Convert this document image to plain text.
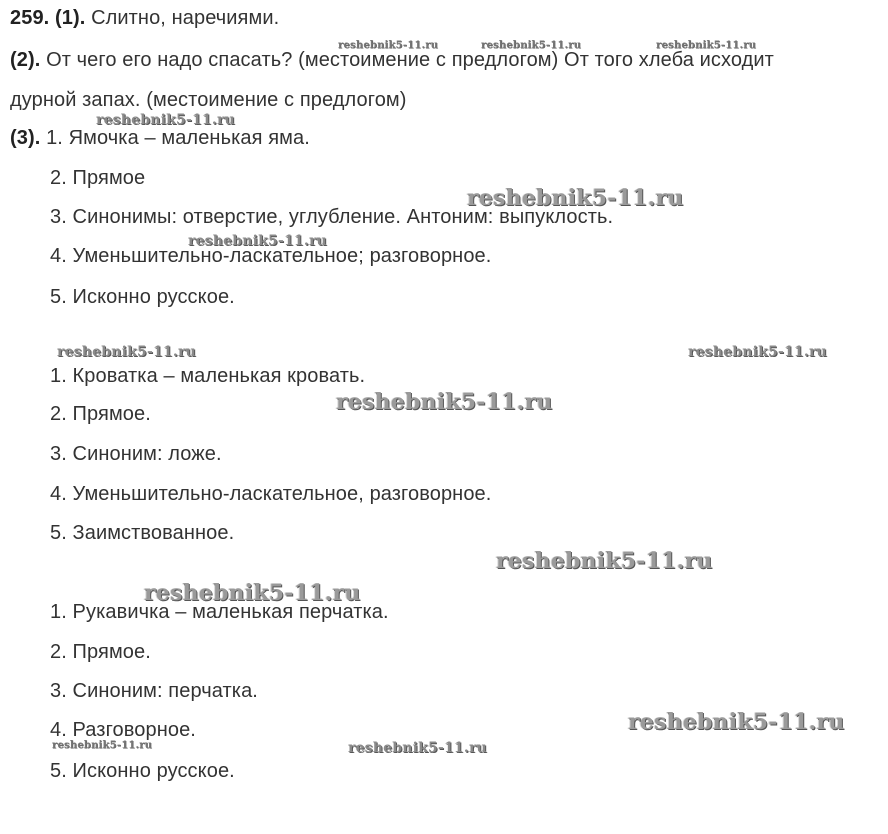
259. (1). Слитно, наречиями.
(2). От чего его надо спасать? (местоимение с предлогом) От того хлеба исходит
дурной запах. (местоимение с предлогом)
(3). 1. Ямочка – маленькая яма.
2. Прямое
3. Синонимы: отверстие, углубление. Антоним: выпуклость.
4. Уменьшительно-ласкательное; разговорное.
5. Исконно русское.
1. Кроватка – маленькая кровать.
2. Прямое.
3. Синоним: ложе.
4. Уменьшительно-ласкательное, разговорное.
5. Заимствованное.
1. Рукавичка – маленькая перчатка.
2. Прямое.
3. Синоним: перчатка.
4. Разговорное.
5. Исконно русское.
reshebnik5-11.ru	reshebnik5-11.ru	reshebnik5-11.ru
reshebnik5-11.ru
reshebnik5-11.ru
reshebnik5-11.ru
reshebnik5-11.ru	reshebnik5-11.ru
reshebnik5-11.ru
reshebnik5-11.ru
reshebnik5-11.ru
reshebnik5-11.ru
reshebnik5-11.ru	reshebnik5-11.ru
